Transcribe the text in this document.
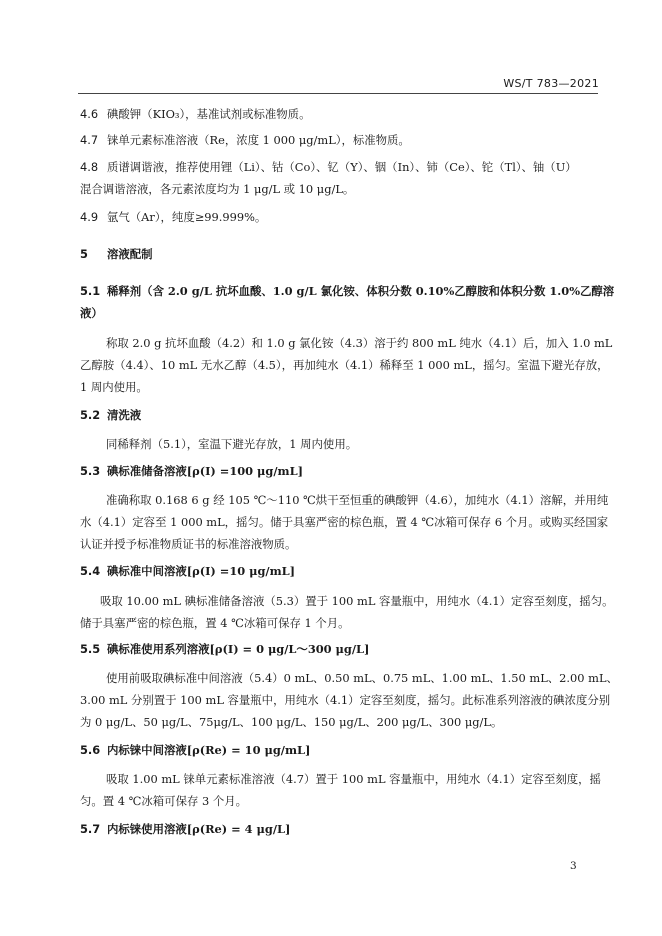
WS/T 783—2021
4.6 碘酸钾（KIO₃），基准试剂或标准物质。
4.7 铼单元素标准溶液（Re，浓度 1 000 μg/mL），标准物质。
4.8 质谱调谐液，推荐使用锂（Li）、钴（Co）、钇（Y）、铟（In）、铈（Ce）、铊（Tl）、铀（U）
混合调谐溶液，各元素浓度均为 1 μg/L 或 10 μg/L。
4.9 氩气（Ar），纯度≥99.999%。
5 溶液配制
5.1 稀释剂（含 2.0 g/L 抗坏血酸、1.0 g/L 氯化铵、体积分数 0.10%乙醇胺和体积分数 1.0%乙醇溶
液）
称取 2.0 g 抗坏血酸（4.2）和 1.0 g 氯化铵（4.3）溶于约 800 mL 纯水（4.1）后，加入 1.0 mL
乙醇胺（4.4）、10 mL 无水乙醇（4.5），再加纯水（4.1）稀释至 1 000 mL，摇匀。室温下避光存放，
1 周内使用。
5.2 清洗液
同稀释剂（5.1），室温下避光存放，1 周内使用。
5.3 碘标准储备溶液[ρ(I) =100 μg/mL]
准确称取 0.168 6 g 经 105 ℃～110 ℃烘干至恒重的碘酸钾（4.6），加纯水（4.1）溶解，并用纯
水（4.1）定容至 1 000 mL，摇匀。储于具塞严密的棕色瓶，置 4 ℃冰箱可保存 6 个月。或购买经国家
认证并授予标准物质证书的标准溶液物质。
5.4 碘标准中间溶液[ρ(I) =10 μg/mL]
吸取 10.00 mL 碘标准储备溶液（5.3）置于 100 mL 容量瓶中，用纯水（4.1）定容至刻度，摇匀。
储于具塞严密的棕色瓶，置 4 ℃冰箱可保存 1 个月。
5.5 碘标准使用系列溶液[ρ(I) = 0 μg/L～300 μg/L]
使用前吸取碘标准中间溶液（5.4）0 mL、0.50 mL、0.75 mL、1.00 mL、1.50 mL、2.00 mL、
3.00 mL 分别置于 100 mL 容量瓶中，用纯水（4.1）定容至刻度，摇匀。此标准系列溶液的碘浓度分别
为 0 μg/L、50 μg/L、75μg/L、100 μg/L、150 μg/L、200 μg/L、300 μg/L。
5.6 内标铼中间溶液[ρ(Re) = 10 μg/mL]
吸取 1.00 mL 铼单元素标准溶液（4.7）置于 100 mL 容量瓶中，用纯水（4.1）定容至刻度，摇
匀。置 4 ℃冰箱可保存 3 个月。
5.7 内标铼使用溶液[ρ(Re) = 4 μg/L]
3
